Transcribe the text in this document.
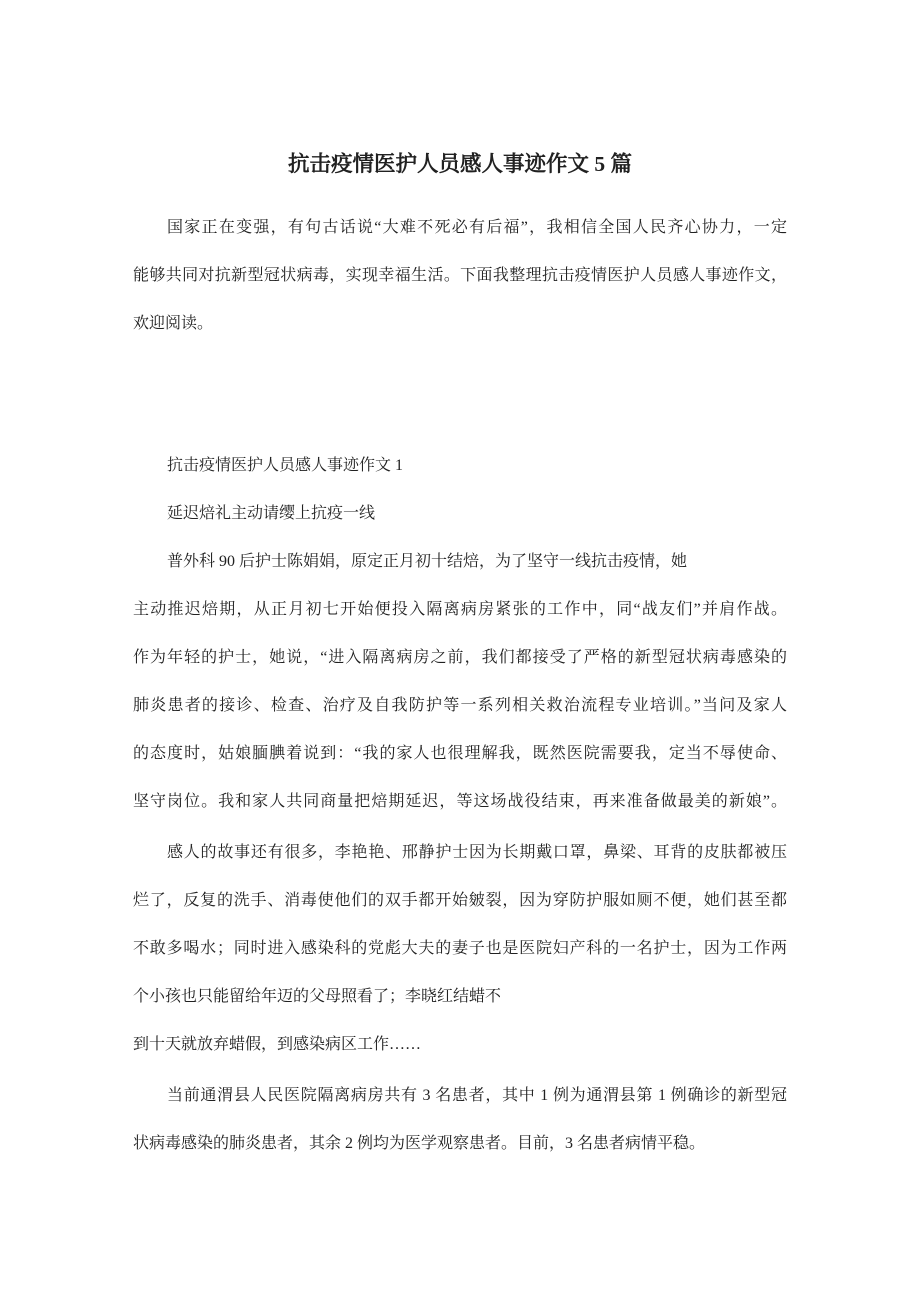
抗击疫情医护人员感人事迹作文 5 篇
国家正在变强，有句古话说“大难不死必有后福”，我相信全国人民齐心协力，一定
能够共同对抗新型冠状病毒，实现幸福生活。下面我整理抗击疫情医护人员感人事迹作文，
欢迎阅读。
抗击疫情医护人员感人事迹作文 1
延迟焙礼主动请缨上抗疫一线
普外科 90 后护士陈娟娟，原定正月初十结焙，为了坚守一线抗击疫情，她
主动推迟焙期，从正月初七开始便投入隔离病房紧张的工作中，同“战友们”并肩作战。
作为年轻的护士，她说，“进入隔离病房之前，我们都接受了严格的新型冠状病毒感染的
肺炎患者的接诊、检查、治疗及自我防护等一系列相关救治流程专业培训。”当问及家人
的态度时，姑娘腼腆着说到：“我的家人也很理解我，既然医院需要我，定当不辱使命、
坚守岗位。我和家人共同商量把焙期延迟，等这场战役结束，再来准备做最美的新娘”。
感人的故事还有很多，李艳艳、邢静护士因为长期戴口罩，鼻梁、耳背的皮肤都被压
烂了，反复的洗手、消毒使他们的双手都开始皴裂，因为穿防护服如厕不便，她们甚至都
不敢多喝水；同时进入感染科的党彪大夫的妻子也是医院妇产科的一名护士，因为工作两
个小孩也只能留给年迈的父母照看了；李晓红结蜡不
到十天就放弃蜡假，到感染病区工作……
当前通渭县人民医院隔离病房共有 3 名患者，其中 1 例为通渭县第 1 例确诊的新型冠
状病毒感染的肺炎患者，其余 2 例均为医学观察患者。目前，3 名患者病情平稳。
